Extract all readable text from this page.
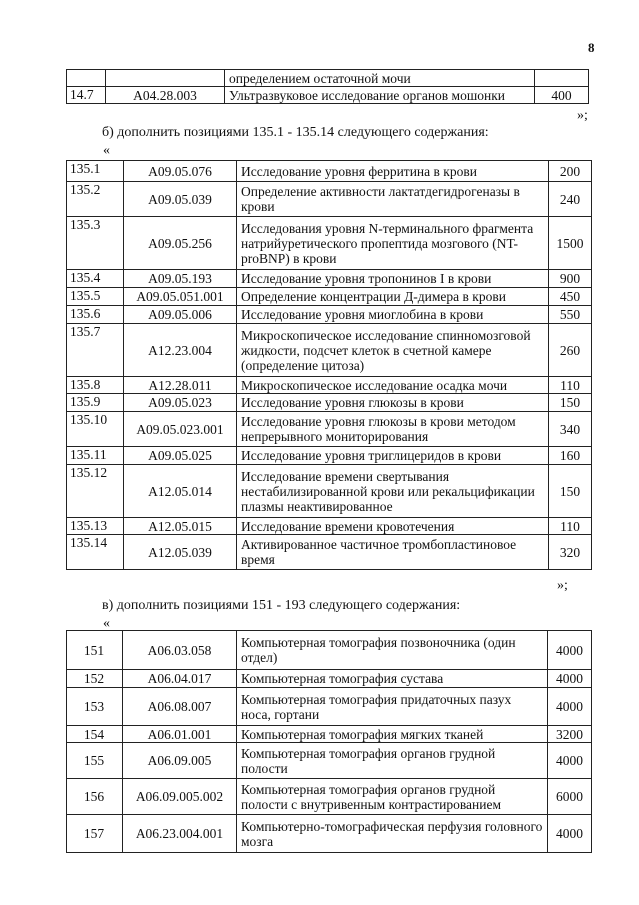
8
		определением остаточной мочи	
14.7	A04.28.003	Ультразвуковое исследование органов мошонки	400
»;
б) дополнить позициями 135.1 - 135.14 следующего содержания:
«
135.1	A09.05.076	Исследование уровня ферритина в крови	200
135.2	A09.05.039	Определение активности лактатдегидрогеназы в крови	240
135.3	A09.05.256	Исследования уровня N-терминального фрагмента натрийуретического пропептида мозгового (NT-proBNP) в крови	1500
135.4	A09.05.193	Исследование уровня тропонинов I в крови	900
135.5	A09.05.051.001	Определение концентрации Д-димера в крови	450
135.6	A09.05.006	Исследование уровня миоглобина в крови	550
135.7	A12.23.004	Микроскопическое исследование спинномозговой жидкости, подсчет клеток в счетной камере (определение цитоза)	260
135.8	A12.28.011	Микроскопическое исследование осадка мочи	110
135.9	A09.05.023	Исследование уровня глюкозы в крови	150
135.10	A09.05.023.001	Исследование уровня глюкозы в крови методом непрерывного мониторирования	340
135.11	A09.05.025	Исследование уровня триглицеридов в крови	160
135.12	A12.05.014	Исследование времени свертывания нестабилизированной крови или рекальцификации плазмы неактивированное	150
135.13	A12.05.015	Исследование времени кровотечения	110
135.14	A12.05.039	Активированное частичное тромбопластиновое время	320
»;
в) дополнить позициями 151 - 193 следующего содержания:
«
151	A06.03.058	Компьютерная томография позвоночника (один отдел)	4000
152	A06.04.017	Компьютерная томография сустава	4000
153	A06.08.007	Компьютерная томография придаточных пазух носа, гортани	4000
154	A06.01.001	Компьютерная томография мягких тканей	3200
155	A06.09.005	Компьютерная томография органов грудной полости	4000
156	A06.09.005.002	Компьютерная томография органов грудной полости с внутривенным контрастированием	6000
157	A06.23.004.001	Компьютерно-томографическая перфузия головного мозга	4000
